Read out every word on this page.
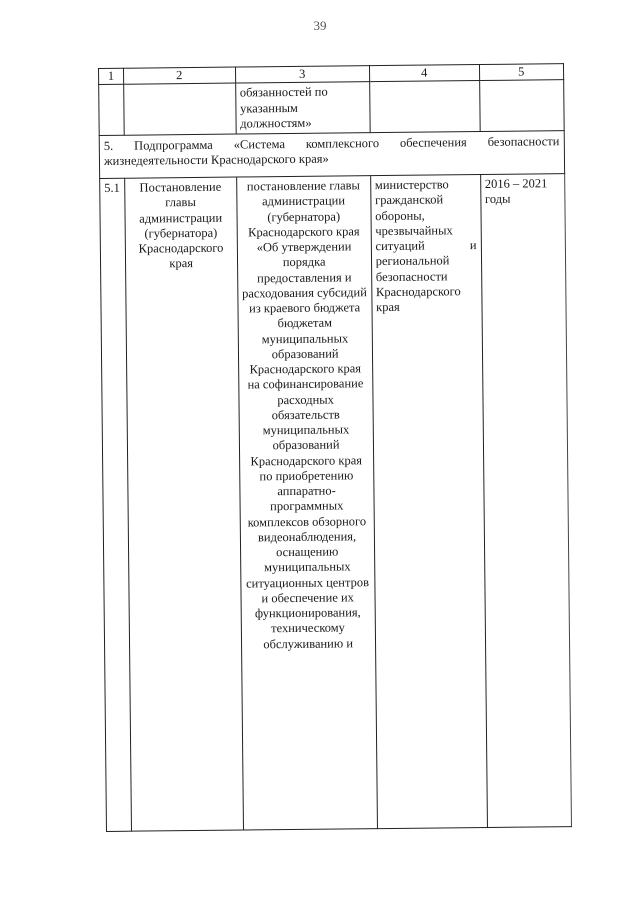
39
1	2	3	4	5
		обязанностей по указанным должностям»		
5. Подпрограмма «Система комплексного обеспечения безопасности жизнедеятельности Краснодарского края»				
5.1	Постановление главы администрации (губернатора) Краснодарского края	постановление главы администрации (губернатора) Краснодарского края «Об утверждении порядка предоставления и расходования субсидий из краевого бюджета бюджетам муниципальных образований Краснодарского края на софинансирование расходных обязательств муниципальных образований Краснодарского края по приобретению аппаратно-программных комплексов обзорного видеонаблюдения, оснащению муниципальных ситуационных центров и обеспечение их функционирования, техническому обслуживанию и	министерство гражданской обороны, чрезвычайных ситуаций и региональной безопасности Краснодарского края	2016 – 2021 годы
